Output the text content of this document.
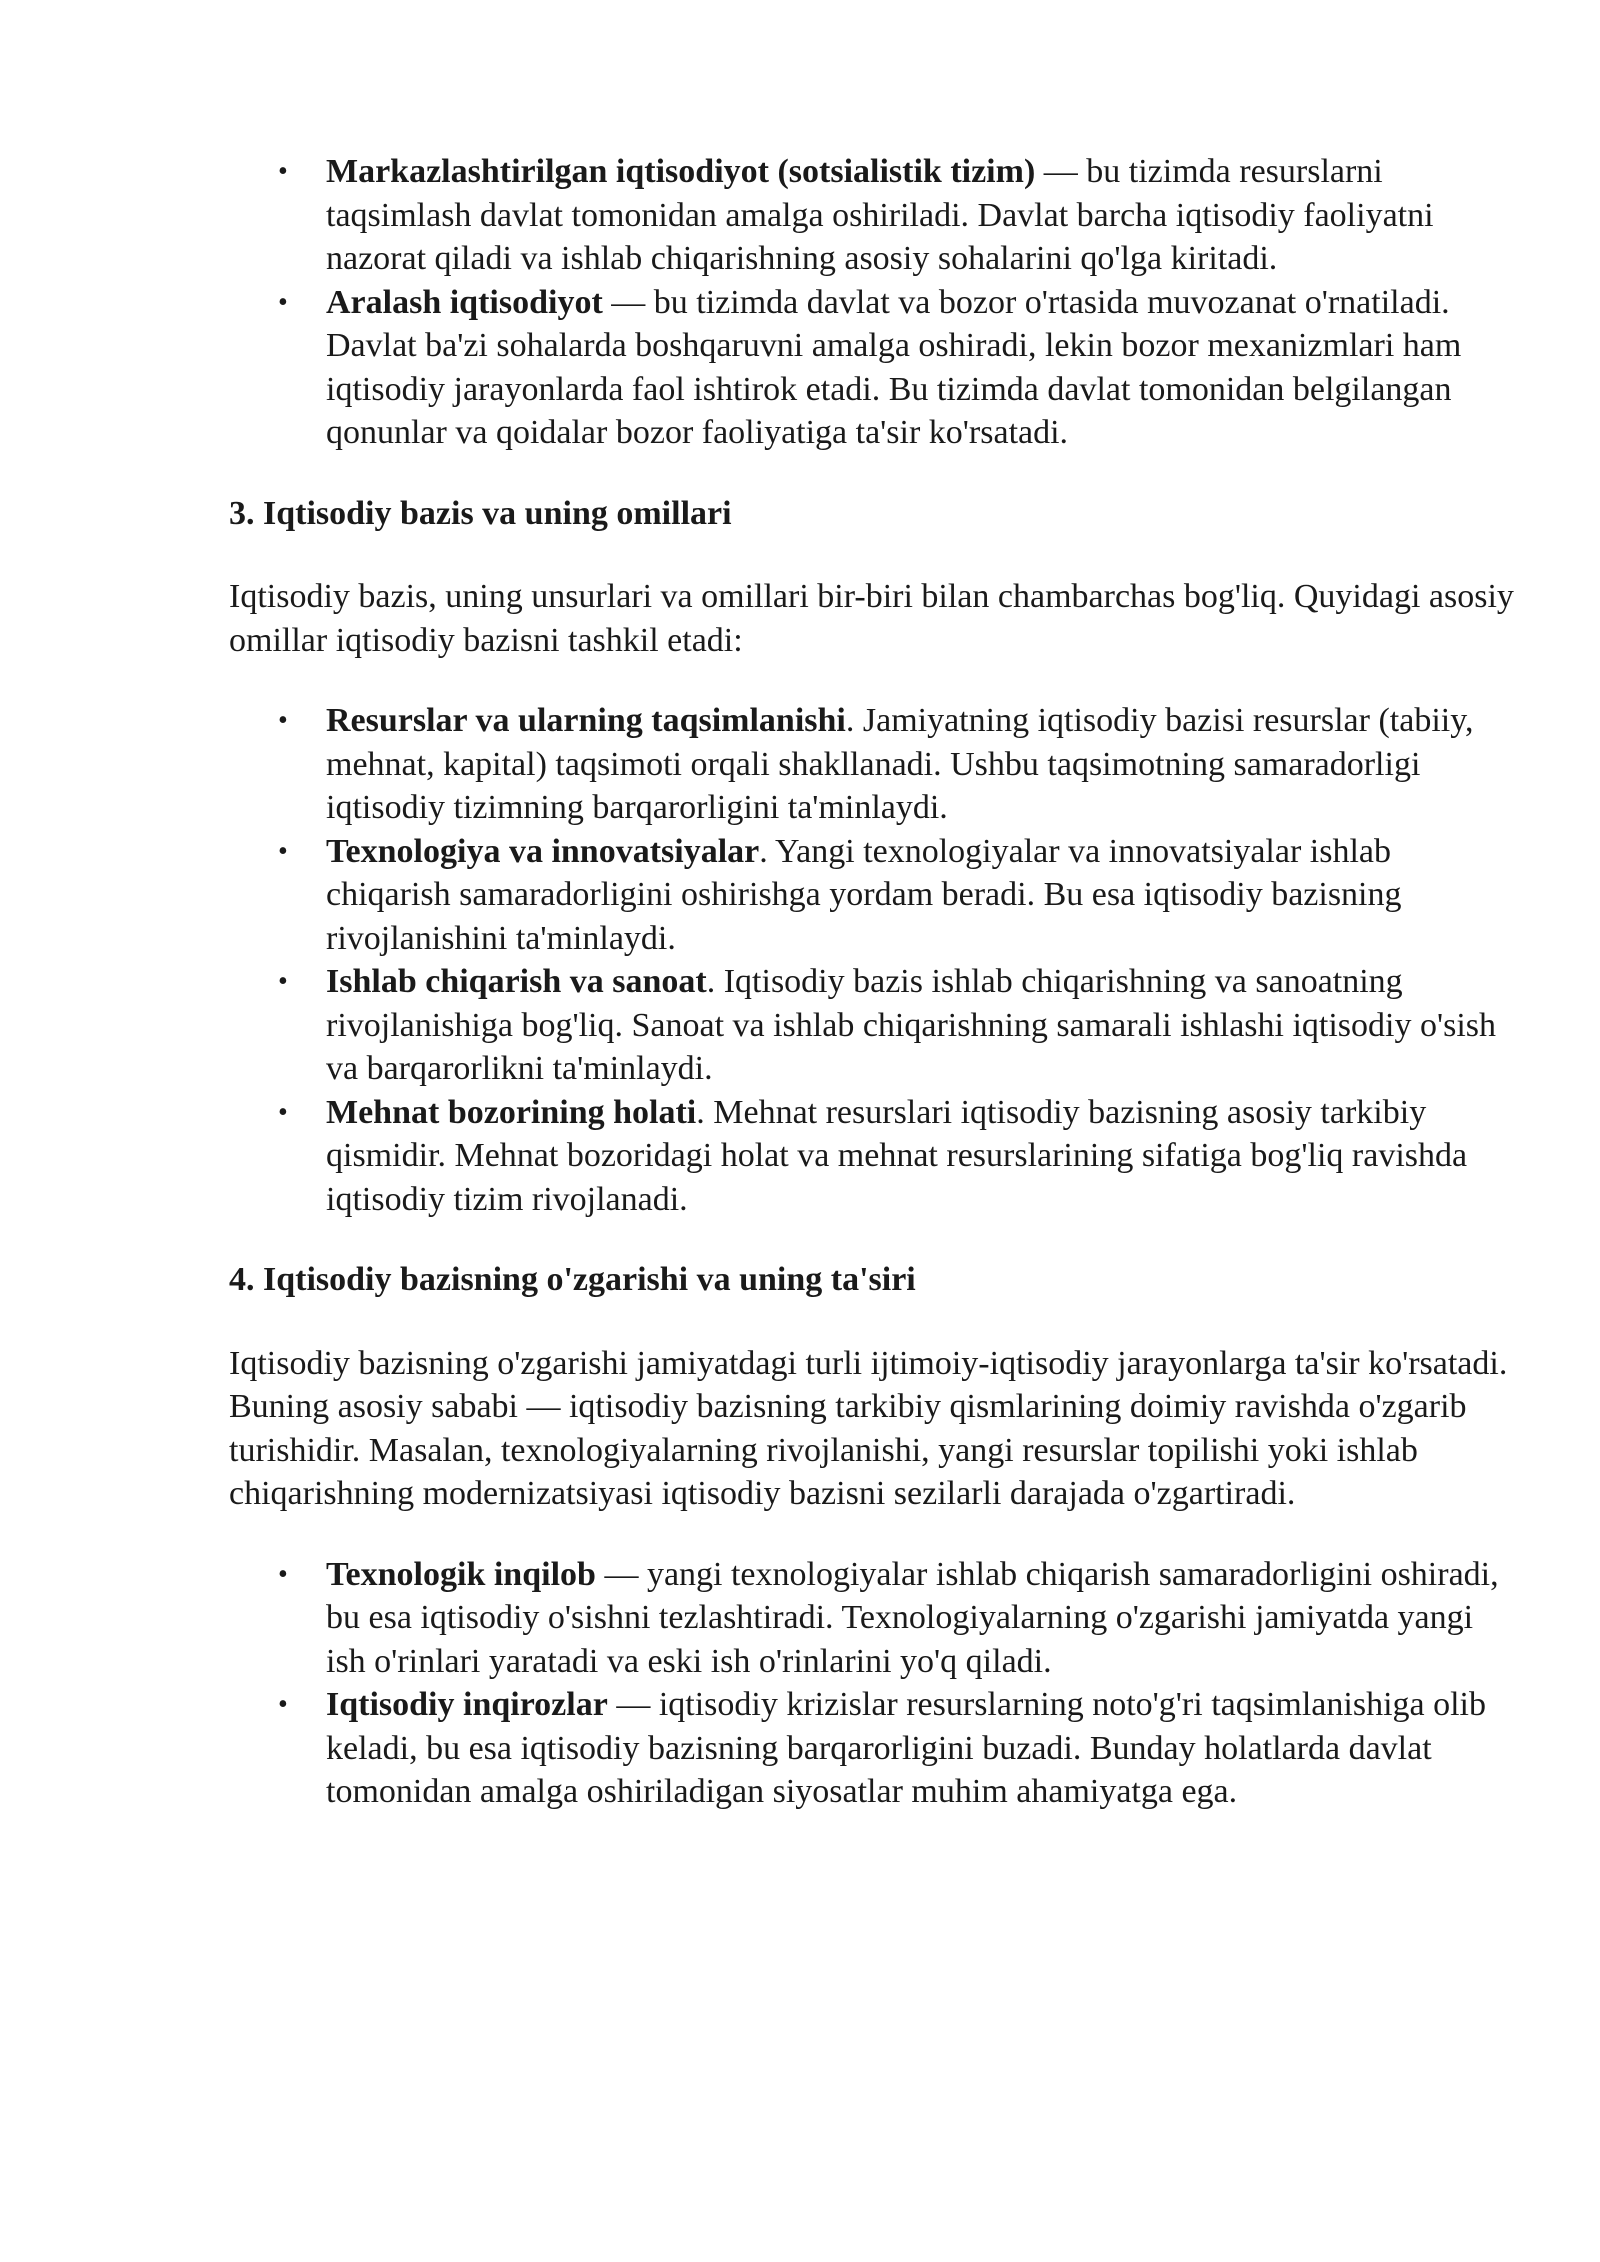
• Markazlashtirilgan iqtisodiyot (sotsialistik tizim) — bu tizimda resurslarni taqsimlash davlat tomonidan amalga oshiriladi. Davlat barcha iqtisodiy faoliyatni nazorat qiladi va ishlab chiqarishning asosiy sohalarini qo'lga kiritadi.
• Aralash iqtisodiyot — bu tizimda davlat va bozor o'rtasida muvozanat o'rnatiladi. Davlat ba'zi sohalarda boshqaruvni amalga oshiradi, lekin bozor mexanizmlari ham iqtisodiy jarayonlarda faol ishtirok etadi. Bu tizimda davlat tomonidan belgilangan qonunlar va qoidalar bozor faoliyatiga ta'sir ko'rsatadi.
3. Iqtisodiy bazis va uning omillari

Iqtisodiy bazis, uning unsurlari va omillari bir-biri bilan chambarchas bog'liq. Quyidagi asosiy omillar iqtisodiy bazisni tashkil etadi:

• Resurslar va ularning taqsimlanishi. Jamiyatning iqtisodiy bazisi resurslar (tabiiy, mehnat, kapital) taqsimoti orqali shakllanadi. Ushbu taqsimotning samaradorligi iqtisodiy tizimning barqarorligini ta'minlaydi.
• Texnologiya va innovatsiyalar. Yangi texnologiyalar va innovatsiyalar ishlab chiqarish samaradorligini oshirishga yordam beradi. Bu esa iqtisodiy bazisning rivojlanishini ta'minlaydi.
• Ishlab chiqarish va sanoat. Iqtisodiy bazis ishlab chiqarishning va sanoatning rivojlanishiga bog'liq. Sanoat va ishlab chiqarishning samarali ishlashi iqtisodiy o'sish va barqarorlikni ta'minlaydi.
• Mehnat bozorining holati. Mehnat resurslari iqtisodiy bazisning asosiy tarkibiy qismidir. Mehnat bozoridagi holat va mehnat resurslarining sifatiga bog'liq ravishda iqtisodiy tizim rivojlanadi.
4. Iqtisodiy bazisning o'zgarishi va uning ta'siri

Iqtisodiy bazisning o'zgarishi jamiyatdagi turli ijtimoiy-iqtisodiy jarayonlarga ta'sir ko'rsatadi. Buning asosiy sababi — iqtisodiy bazisning tarkibiy qismlarining doimiy ravishda o'zgarib turishidir. Masalan, texnologiyalarning rivojlanishi, yangi resurslar topilishi yoki ishlab chiqarishning modernizatsiyasi iqtisodiy bazisni sezilarli darajada o'zgartiradi.

• Texnologik inqilob — yangi texnologiyalar ishlab chiqarish samaradorligini oshiradi, bu esa iqtisodiy o'sishni tezlashtiradi. Texnologiyalarning o'zgarishi jamiyatda yangi ish o'rinlari yaratadi va eski ish o'rinlarini yo'q qiladi.
• Iqtisodiy inqirozlar — iqtisodiy krizislar resurslarning noto'g'ri taqsimlanishiga olib keladi, bu esa iqtisodiy bazisning barqarorligini buzadi. Bunday holatlarda davlat tomonidan amalga oshiriladigan siyosatlar muhim ahamiyatga ega.
